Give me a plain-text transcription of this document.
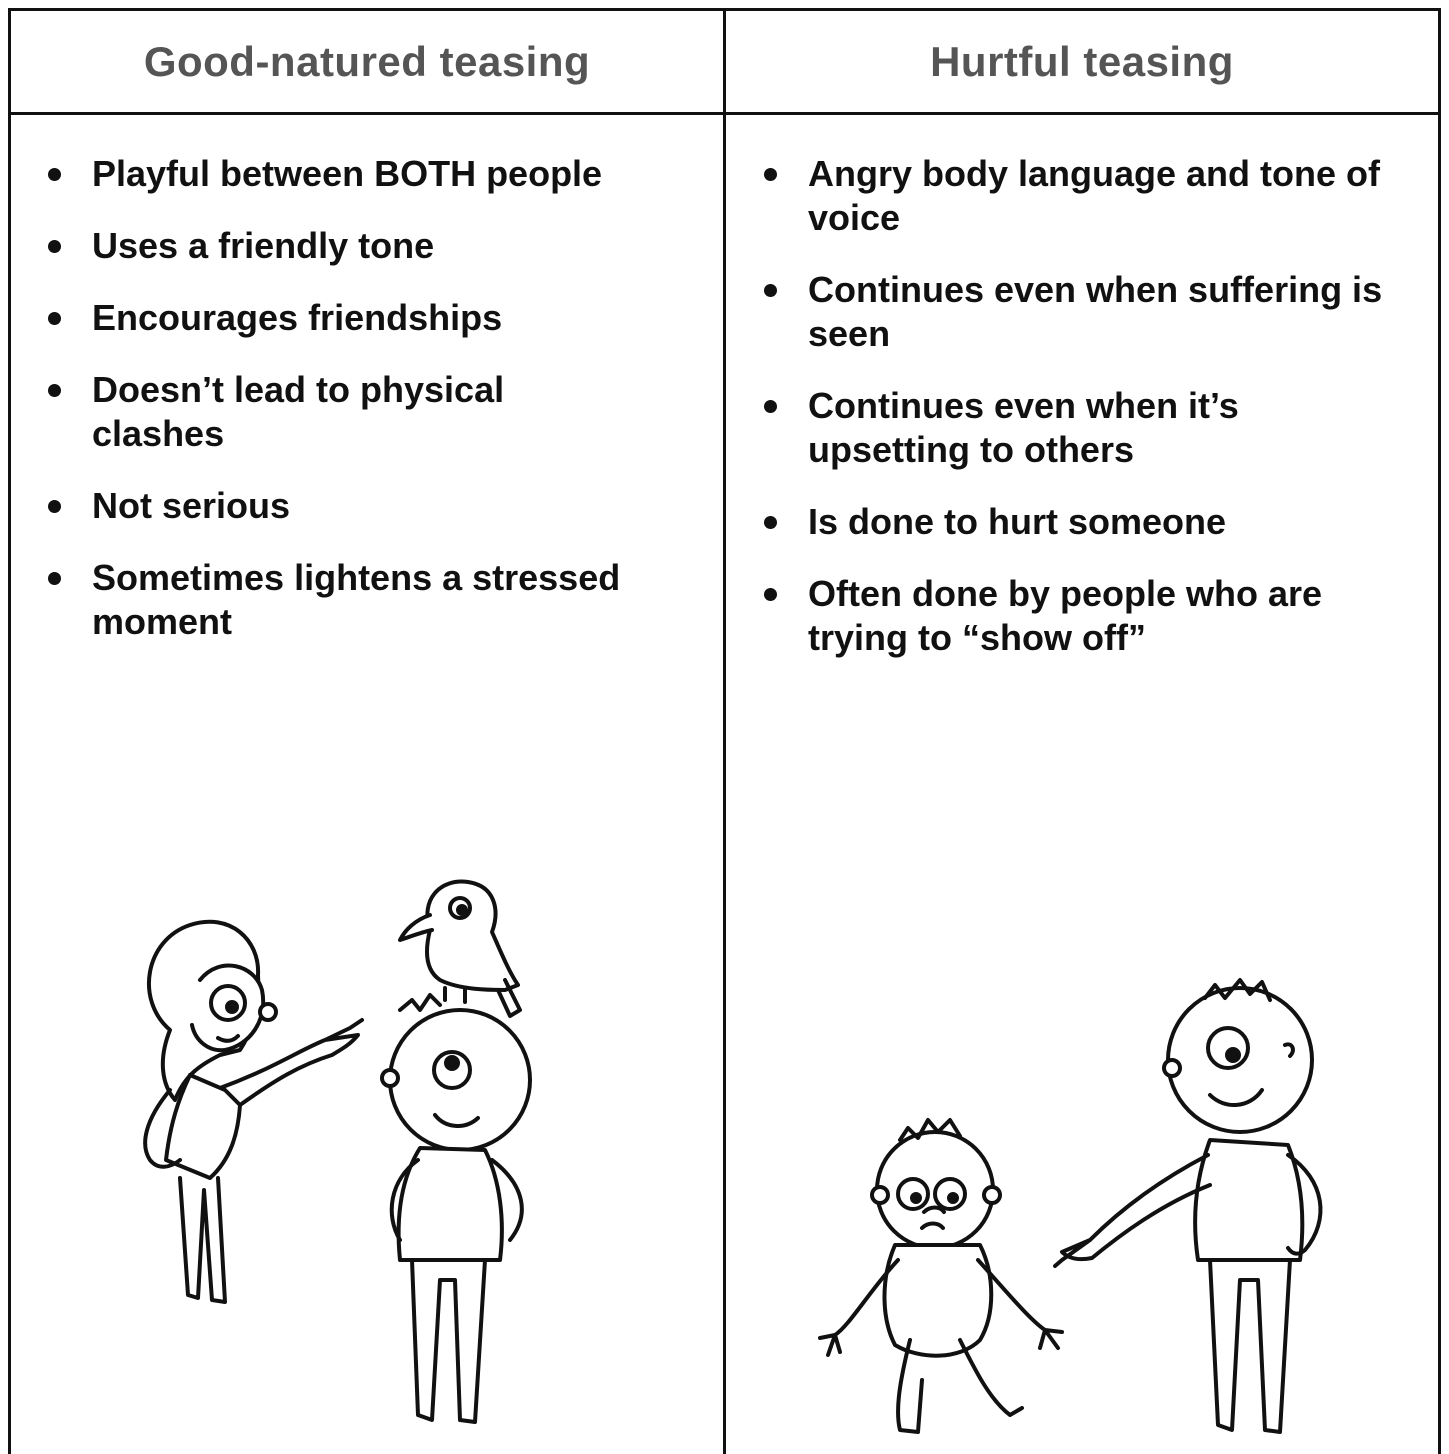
Good-natured teasing	Hurtful teasing
Playful between BOTH people
Uses a friendly tone
Encourages friendships
Doesn’t lead to physical clashes
Not serious
Sometimes lightens a stressed moment
Angry body language and tone of voice
Continues even when suffering is seen
Continues even when it’s upsetting to others
Is done to hurt someone
Often done by people who are trying to “show off”
